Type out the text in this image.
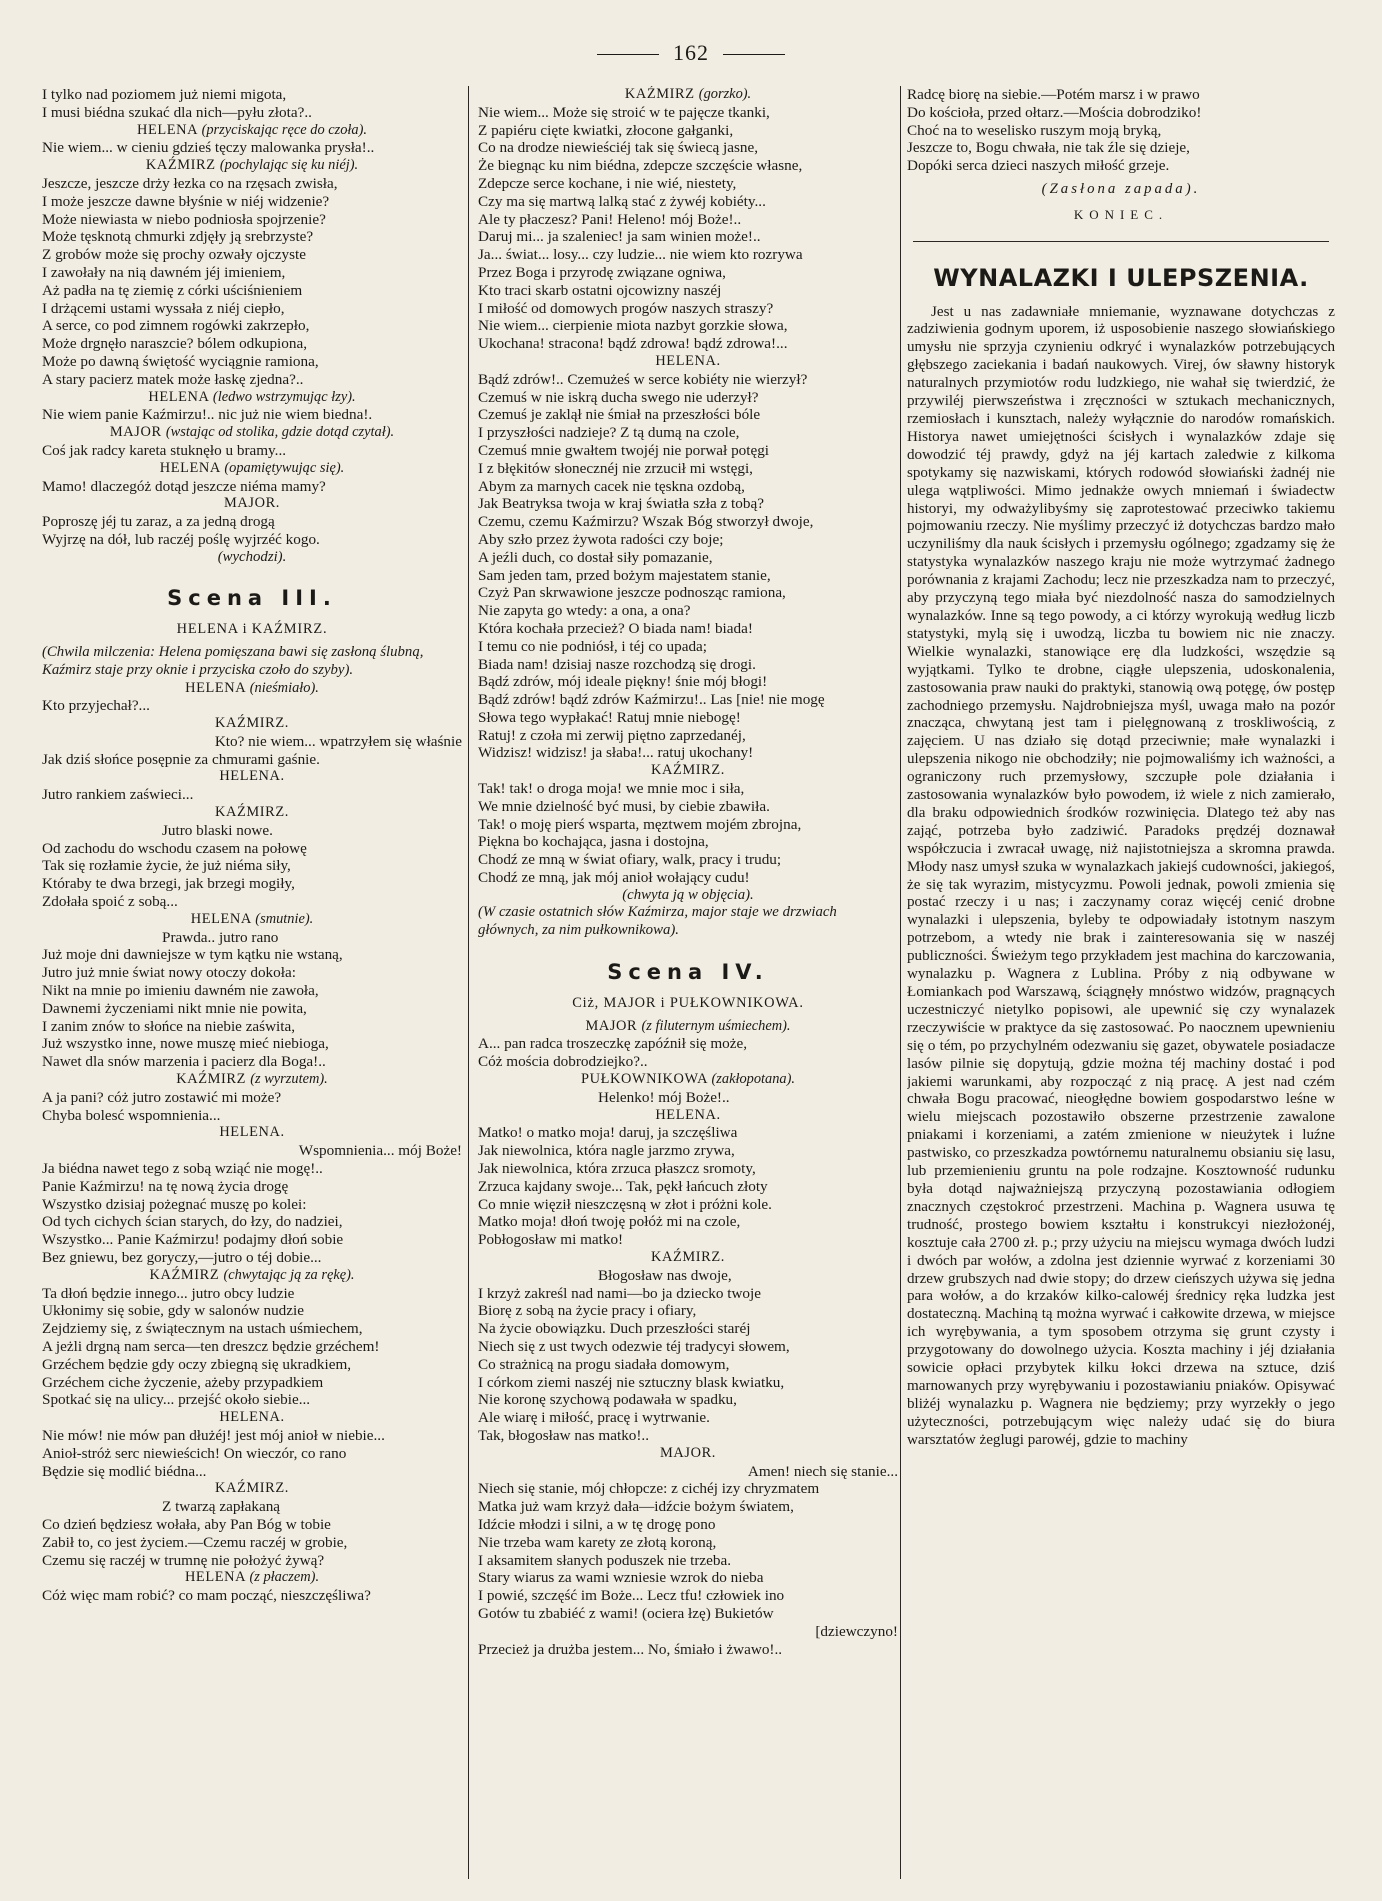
162
I tylko nad poziomem już niemi migota,
I musi biédna szukać dla nich—pyłu złota?..
HELENA (przyciskając ręce do czoła).
Nie wiem... w cieniu gdzieś tęczy malowanka prysła!..
KAŹMIRZ (pochylając się ku niéj).
Jeszcze, jeszcze drży łezka co na rzęsach zwisła,
I może jeszcze dawne błyśnie w niéj widzenie?
Może niewiasta w niebo podniosła spojrzenie?
Może tęsknotą chmurki zdjęły ją srebrzyste?
Z grobów może się prochy ozwały ojczyste
I zawołały na nią dawném jéj imieniem,
Aż padła na tę ziemię z córki uściśnieniem
I drżącemi ustami wyssała z niéj ciepło,
A serce, co pod zimnem rogówki zakrzepło,
Może drgnęło naraszcie? bólem odkupiona,
Może po dawną świętość wyciągnie ramiona,
A stary pacierz matek może łaskę zjedna?..
HELENA (ledwo wstrzymując łzy).
Nie wiem panie Kaźmirzu!.. nic już nie wiem biedna!.
MAJOR (wstając od stolika, gdzie dotąd czytał).
Coś jak radcy kareta stuknęło u bramy...
HELENA (opamiętywując się).
Mamo! dlaczegóż dotąd jeszcze niéma mamy?
MAJOR.
Poproszę jéj tu zaraz, a za jedną drogą
Wyjrzę na dół, lub raczéj poślę wyjrzéć kogo.
(wychodzi).
Scena III.
HELENA i KAŹMIRZ.
(Chwila milczenia: Helena pomięszana bawi się zasłoną ślubną, Kaźmirz staje przy oknie i przyciska czoło do szyby).
HELENA (nieśmiało).
Kto przyjechał?...
KAŹMIRZ.
Kto? nie wiem... wpatrzyłem się właśnie
Jak dziś słońce posępnie za chmurami gaśnie.
HELENA.
Jutro rankiem zaświeci...
KAŹMIRZ.
Jutro blaski nowe.
Od zachodu do wschodu czasem na połowę
Tak się rozłamie życie, że już niéma siły,
Któraby te dwa brzegi, jak brzegi mogiły,
Zdołała spoić z sobą...
HELENA (smutnie).
Prawda.. jutro rano
Już moje dni dawniejsze w tym kątku nie wstaną,
Jutro już mnie świat nowy otoczy dokoła:
Nikt na mnie po imieniu dawném nie zawoła,
Dawnemi życzeniami nikt mnie nie powita,
I zanim znów to słońce na niebie zaświta,
Już wszystko inne, nowe muszę mieć niebioga,
Nawet dla snów marzenia i pacierz dla Boga!..
KAŹMIRZ (z wyrzutem).
A ja pani? cóż jutro zostawić mi może?
Chyba bolesć wspomnienia...
HELENA.
Wspomnienia... mój Boże!
Ja biédna nawet tego z sobą wziąć nie mogę!..
Panie Kaźmirzu! na tę nową życia drogę
Wszystko dzisiaj pożegnać muszę po kolei:
Od tych cichych ścian starych, do łzy, do nadziei,
Wszystko... Panie Kaźmirzu! podajmy dłoń sobie
Bez gniewu, bez goryczy,—jutro o téj dobie...
KAŹMIRZ (chwytając ją za rękę).
Ta dłoń będzie innego... jutro obcy ludzie
Ukłonimy się sobie, gdy w salonów nudzie
Zejdziemy się, z świątecznym na ustach uśmiechem,
A jeżli drgną nam serca—ten dreszcz będzie grzéchem!
Grzéchem będzie gdy oczy zbiegną się ukradkiem,
Grzéchem ciche życzenie, ażeby przypadkiem
Spotkać się na ulicy... przejść około siebie...
HELENA.
Nie mów! nie mów pan dłużéj! jest mój anioł w niebie...
Anioł-stróż serc niewieścich! On wieczór, co rano
Będzie się modlić biédna...
KAŹMIRZ.
Z twarzą zapłakaną
Co dzień będziesz wołała, aby Pan Bóg w tobie
Zabił to, co jest życiem.—Czemu raczéj w grobie,
Czemu się raczéj w trumnę nie położyć żywą?
HELENA (z płaczem).
Cóż więc mam robić? co mam począć, nieszczęśliwa?
KAŹMIRZ (gorzko).
Nie wiem... Może się stroić w te pajęcze tkanki,
Z papiéru cięte kwiatki, złocone gałganki,
Co na drodze niewieściéj tak się świecą jasne,
Że biegnąc ku nim biédna, zdepcze szczęście własne,
Zdepcze serce kochane, i nie wié, niestety,
Czy ma się martwą lalką stać z żywéj kobiéty...
Ale ty płaczesz? Pani! Heleno! mój Boże!..
Daruj mi... ja szaleniec! ja sam winien może!..
Ja... świat... losy... czy ludzie... nie wiem kto rozrywa
Przez Boga i przyrodę związane ogniwa,
Kto traci skarb ostatni ojcowizny naszéj
I miłość od domowych progów naszych straszy?
Nie wiem... cierpienie miota nazbyt gorzkie słowa,
Ukochana! stracona! bądź zdrowa! bądź zdrowa!...
HELENA.
Bądź zdrów!.. Czemużeś w serce kobiéty nie wierzył?
Czemuś w nie iskrą ducha swego nie uderzył?
Czemuś je zaklął nie śmiał na przeszłości bóle
I przyszłości nadzieje? Z tą dumą na czole,
Czemuś mnie gwałtem twojéj nie porwał potęgi
I z błękitów słonecznéj nie zrzucił mi wstęgi,
Abym za marnych cacek nie tęskna ozdobą,
Jak Beatryksa twoja w kraj światła szła z tobą?
Czemu, czemu Kaźmirzu? Wszak Bóg stworzył dwoje,
Aby szło przez żywota radości czy boje;
A jeźli duch, co dostał siły pomazanie,
Sam jeden tam, przed bożym majestatem stanie,
Czyż Pan skrwawione jeszcze podnosząc ramiona,
Nie zapyta go wtedy: a ona, a ona?
Która kochała przecież? O biada nam! biada!
I temu co nie podniósł, i téj co upada;
Biada nam! dzisiaj nasze rozchodzą się drogi.
Bądź zdrów, mój ideale piękny! śnie mój błogi!
Bądź zdrów! bądź zdrów Kaźmirzu!.. Las [nie! nie mogę
Słowa tego wypłakać! Ratuj mnie niebogę!
Ratuj! z czoła mi zerwij piętno zaprzedanéj,
Widzisz! widzisz! ja słaba!... ratuj ukochany!
KAŹMIRZ.
Tak! tak! o droga moja! we mnie moc i siła,
We mnie dzielność być musi, by ciebie zbawiła.
Tak! o moję pierś wsparta, męztwem mojém zbrojna,
Piękna bo kochająca, jasna i dostojna,
Chodź ze mną w świat ofiary, walk, pracy i trudu;
Chodź ze mną, jak mój anioł wołający cudu!
(chwyta ją w objęcia).
(W czasie ostatnich słów Kaźmirza, major staje we drzwiach głównych, za nim pułkownikowa).
Scena IV.
Ciż, MAJOR i PUŁKOWNIKOWA.
MAJOR (z filuternym uśmiechem).
A... pan radca troszeczkę zapóźnił się może,
Cóż mościa dobrodziejko?..
PUŁKOWNIKOWA (zakłopotana).
Helenko! mój Boże!..
HELENA.
Matko! o matko moja! daruj, ja szczęśliwa
Jak niewolnica, która nagle jarzmo zrywa,
Jak niewolnica, która zrzuca płaszcz sromoty,
Zrzuca kajdany swoje... Tak, pękł łańcuch złoty
Co mnie więził nieszczęsną w złot i próżni kole.
Matko moja! dłoń twoję połóż mi na czole,
Pobłogosław mi matko!
KAŹMIRZ.
Błogosław nas dwoje,
I krzyż zakreśl nad nami—bo ja dziecko twoje
Biorę z sobą na życie pracy i ofiary,
Na życie obowiązku. Duch przeszłości staréj
Niech się z ust twych odezwie téj tradycyi słowem,
Co strażnicą na progu siadała domowym,
I córkom ziemi naszéj nie sztuczny blask kwiatku,
Nie koronę szychową podawała w spadku,
Ale wiarę i miłość, pracę i wytrwanie.
Tak, błogosław nas matko!..
MAJOR.
Amen! niech się stanie...
Niech się stanie, mój chłopcze: z cichéj izy chryzmatem
Matka już wam krzyż dała—idźcie bożym światem,
Idźcie młodzi i silni, a w tę drogę pono
Nie trzeba wam karety ze złotą koroną,
I aksamitem słanych poduszek nie trzeba.
Stary wiarus za wami wzniesie wzrok do nieba
I powié, szczęść im Boże... Lecz tfu! człowiek ino
Gotów tu zbabiéć z wami! (ociera łzę) Bukietów
[dziewczyno!
Przecież ja drużba jestem... No, śmiało i żwawo!..
Radcę biorę na siebie.—Potém marsz i w prawo
Do kościoła, przed ołtarz.—Mościa dobrodziko!
Choć na to weselisko ruszym moją bryką,
Jeszcze to, Bogu chwała, nie tak źle się dzieje,
Dopóki serca dzieci naszych miłość grzeje.
(Zasłona zapada).
KONIEC.
WYNALAZKI I ULEPSZENIA.

Jest u nas zadawniałe mniemanie, wyznawane dotychczas z zadziwienia godnym uporem, iż usposobienie naszego słowiańskiego umysłu nie sprzyja czynieniu odkryć i wynalazków potrzebujących głębszego zaciekania i badań naukowych. Virej, ów sławny historyk naturalnych przymiotów rodu ludzkiego, nie wahał się twierdzić, że przywiléj pierwszeństwa i zręczności w sztukach mechanicznych, rzemiosłach i kunsztach, należy wyłącznie do narodów romańskich. Historya nawet umiejętności ścisłych i wynalazków zdaje się dowodzić téj prawdy, gdyż na jéj kartach zaledwie z kilkoma spotykamy się nazwiskami, których rodowód słowiański żadnéj nie ulega wątpliwości. Mimo jednakże owych mniemań i świadectw historyi, my odważylibyśmy się zaprotestować przeciwko takiemu pojmowaniu rzeczy. Nie myślimy przeczyć iż dotychczas bardzo mało uczyniliśmy dla nauk ścisłych i przemysłu ogólnego; zgadzamy się że statystyka wynalazków naszego kraju nie może wytrzymać żadnego porównania z krajami Zachodu; lecz nie przeszkadza nam to przeczyć, aby przyczyną tego miała być niezdolność nasza do samodzielnych wynalazków. Inne są tego powody, a ci którzy wyrokują według liczb statystyki, mylą się i uwodzą, liczba tu bowiem nic nie znaczy. Wielkie wynalazki, stanowiące erę dla ludzkości, wszędzie są wyjątkami. Tylko te drobne, ciągłe ulepszenia, udoskonalenia, zastosowania praw nauki do praktyki, stanowią ową potęgę, ów postęp zachodniego przemysłu. Najdrobniejsza myśl, uwaga mało na pozór znacząca, chwytaną jest tam i pielęgnowaną z troskliwością, z zajęciem. U nas działo się dotąd przeciwnie; małe wynalazki i ulepszenia nikogo nie obchodziły; nie pojmowaliśmy ich ważności, a ograniczony ruch przemysłowy, szczupłe pole działania i zastosowania wynalazków było powodem, iż wiele z nich zamierało, dla braku odpowiednich środków rozwinięcia. Dlatego też aby nas zająć, potrzeba było zadziwić. Paradoks prędzéj doznawał współczucia i zwracał uwagę, niż najistotniejsza a skromna prawda. Młody nasz umysł szuka w wynalazkach jakiejś cudowności, jakiegoś, że się tak wyrazim, mistycyzmu. Powoli jednak, powoli zmienia się postać rzeczy i u nas; i zaczynamy coraz więcéj cenić drobne wynalazki i ulepszenia, byleby te odpowiadały istotnym naszym potrzebom, a wtedy nie brak i zainteresowania się w naszéj publiczności. Świeżym tego przykładem jest machina do karczowania, wynalazku p. Wagnera z Lublina. Próby z nią odbywane w Łomiankach pod Warszawą, ściągnęły mnóstwo widzów, pragnących uczestniczyć nietylko popisowi, ale upewnić się czy wynalazek rzeczywiście w praktyce da się zastosować. Po naocznem upewnieniu się o tém, po przychylném odezwaniu się gazet, obywatele posiadacze lasów pilnie się dopytują, gdzie można téj machiny dostać i pod jakiemi warunkami, aby rozpocząć z nią pracę. A jest nad czém chwała Bogu pracować, nieogłędne bowiem gospodarstwo leśne w wielu miejscach pozostawiło obszerne przestrzenie zawalone pniakami i korzeniami, a zatém zmienione w nieużytek i luźne pastwisko, co przeszkadza powtórnemu naturalnemu obsianiu się lasu, lub przemienieniu gruntu na pole rodzajne. Kosztowność rudunku była dotąd najważniejszą przyczyną pozostawiania odłogiem znacznych częstokroć przestrzeni. Machina p. Wagnera usuwa tę trudność, prostego bowiem kształtu i konstrukcyi niezłożonéj, kosztuje cała 2700 zł. p.; przy użyciu na miejscu wymaga dwóch ludzi i dwóch par wołów, a zdolna jest dziennie wyrwać z korzeniami 30 drzew grubszych nad dwie stopy; do drzew cieńszych używa się jedna para wołów, a do krzaków kilko-calowéj średnicy ręka ludzka jest dostateczną. Machiną tą można wyrwać i całkowite drzewa, w miejsce ich wyrębywania, a tym sposobem otrzyma się grunt czysty i przygotowany do dowolnego użycia. Koszta machiny i jéj działania sowicie opłaci przybytek kilku łokci drzewa na sztuce, dziś marnowanych przy wyrębywaniu i pozostawianiu pniaków. Opisywać bliżéj wynalazku p. Wagnera nie będziemy; przy wyrzekły o jego użyteczności, potrzebującym więc należy udać się do biura warsztatów żeglugi parowéj, gdzie to machiny
